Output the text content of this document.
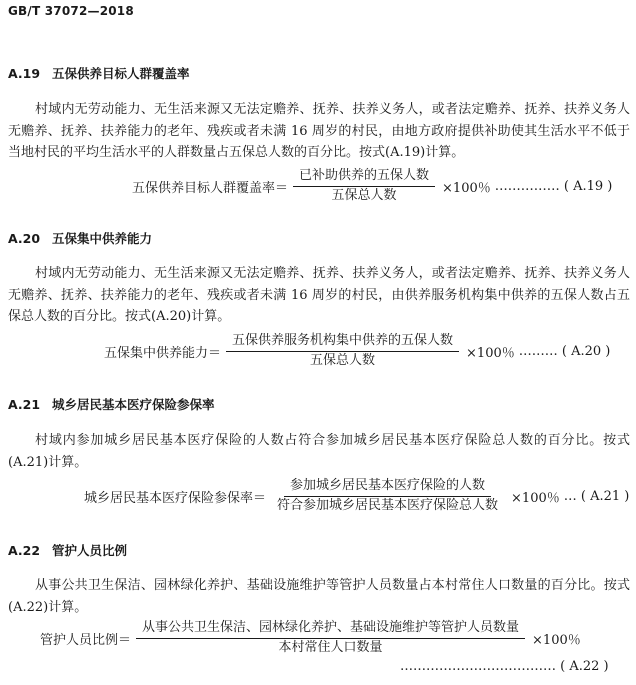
GB/T 37072—2018
A.19 五保供养目标人群覆盖率
村域内无劳动能力、无生活来源又无法定赡养、抚养、扶养义务人，或者法定赡养、抚养、扶养义务人无赡养、抚养、扶养能力的老年、残疾或者未满 16 周岁的村民，由地方政府提供补助使其生活水平不低于当地村民的平均生活水平的人群数量占五保总人数的百分比。按式(A.19)计算。
五保供养目标人群覆盖率＝ $\frac{\text{已补助供养的五保人数}}{\text{五保总人数}} \times 100$％ …………… ( A.19 )
A.20 五保集中供养能力
村域内无劳动能力、无生活来源又无法定赡养、抚养、扶养义务人，或者法定赡养、抚养、扶养义务人无赡养、抚养、扶养能力的老年、残疾或者未满 16 周岁的村民，由供养服务机构集中供养的五保人数占五保总人数的百分比。按式(A.20)计算。
五保集中供养能力＝ $\frac{\text{五保供养服务机构集中供养的五保人数}}{\text{五保总人数}} \times 100$％ ……… ( A.20 )
A.21 城乡居民基本医疗保险参保率
村域内参加城乡居民基本医疗保险的人数占符合参加城乡居民基本医疗保险总人数的百分比。按式(A.21)计算。
城乡居民基本医疗保险参保率＝ $\frac{\text{参加城乡居民基本医疗保险的人数}}{\text{符合参加城乡居民基本医疗保险总人数}} \times 100$％ … ( A.21 )
A.22 管护人员比例
从事公共卫生保洁、园林绿化养护、基础设施维护等管护人员数量占本村常住人口数量的百分比。按式(A.22)计算。
管护人员比例＝ $\frac{\text{从事公共卫生保洁、园林绿化养护、基础设施维护等管护人员数量}}{\text{本村常住人口数量}} \times 100$％
……………………………… ( A.22 )
